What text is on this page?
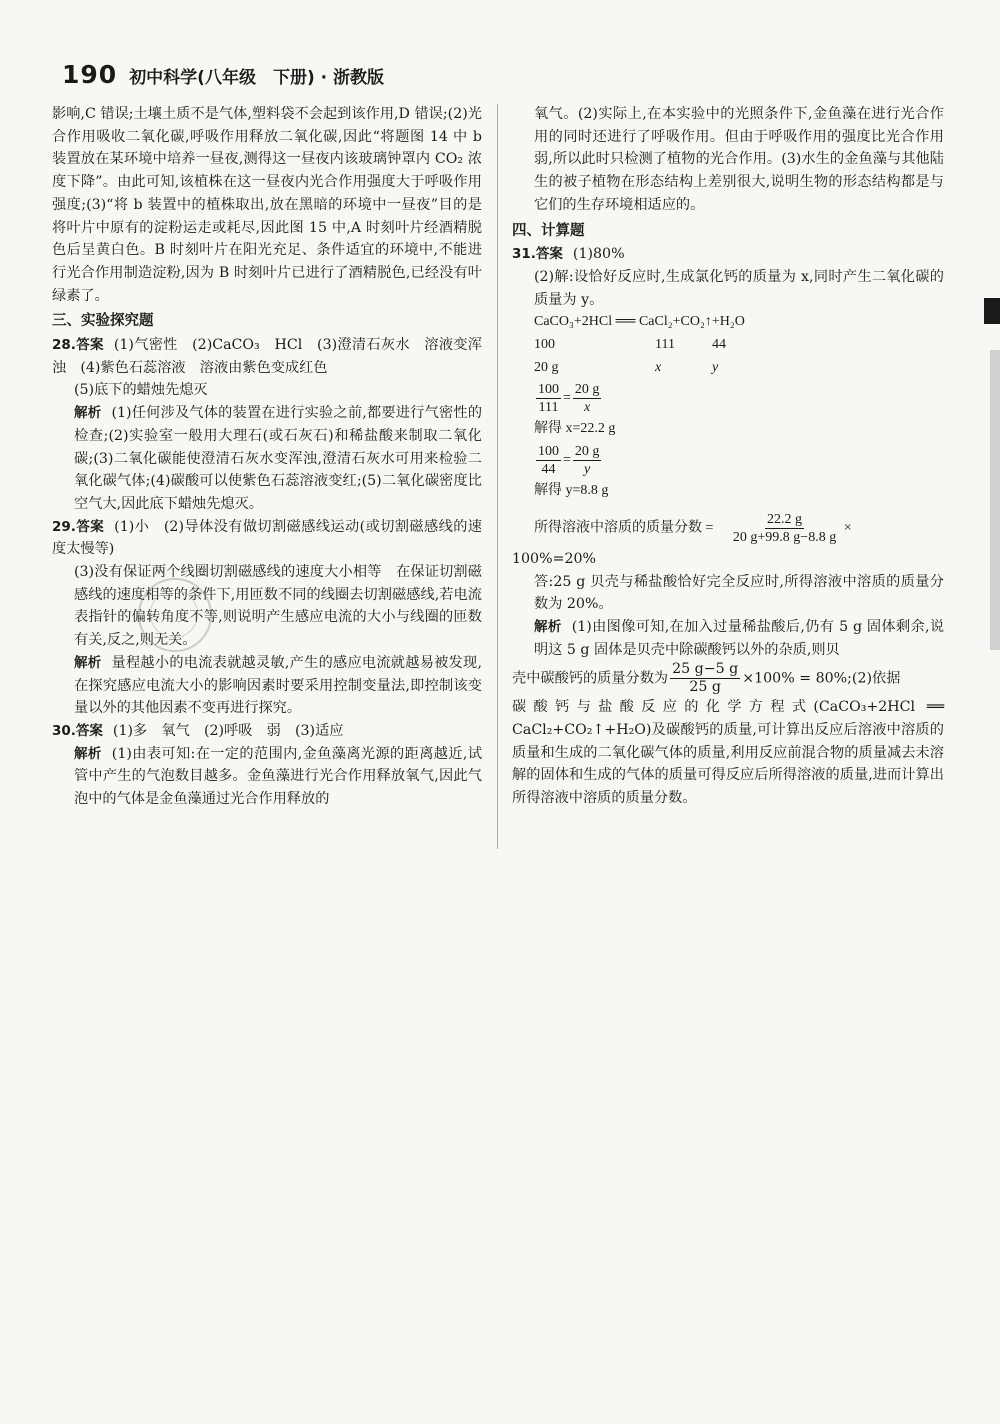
190 初中科学(八年级　下册) · 浙教版

影响,C 错误;土壤土质不是气体,塑料袋不会起到该作用,D 错误;(2)光合作用吸收二氧化碳,呼吸作用释放二氧化碳,因此“将题图 14 中 b 装置放在某环境中培养一昼夜,测得这一昼夜内该玻璃钟罩内 CO₂ 浓度下降”。由此可知,该植株在这一昼夜内光合作用强度大于呼吸作用强度;(3)“将 b 装置中的植株取出,放在黑暗的环境中一昼夜”目的是将叶片中原有的淀粉运走或耗尽,因此图 15 中,A 时刻叶片经酒精脱色后呈黄白色。B 时刻叶片在阳光充足、条件适宜的环境中,不能进行光合作用制造淀粉,因为 B 时刻叶片已进行了酒精脱色,已经没有叶绿素了。

三、实验探究题

28.答案 (1)气密性　(2)CaCO₃　HCl　(3)澄清石灰水　溶液变浑浊　(4)紫色石蕊溶液　溶液由紫色变成红色

(5)底下的蜡烛先熄灭

解析 (1)任何涉及气体的装置在进行实验之前,都要进行气密性的检查;(2)实验室一般用大理石(或石灰石)和稀盐酸来制取二氧化碳;(3)二氧化碳能使澄清石灰水变浑浊,澄清石灰水可用来检验二氧化碳气体;(4)碳酸可以使紫色石蕊溶液变红;(5)二氧化碳密度比空气大,因此底下蜡烛先熄灭。

29.答案 (1)小　(2)导体没有做切割磁感线运动(或切割磁感线的速度太慢等)

(3)没有保证两个线圈切割磁感线的速度大小相等　在保证切割磁感线的速度相等的条件下,用匝数不同的线圈去切割磁感线,若电流表指针的偏转角度不等,则说明产生感应电流的大小与线圈的匝数有关,反之,则无关。

解析 量程越小的电流表就越灵敏,产生的感应电流就越易被发现,在探究感应电流大小的影响因素时要采用控制变量法,即控制该变量以外的其他因素不变再进行探究。

30.答案 (1)多　氧气　(2)呼吸　弱　(3)适应

解析 (1)由表可知:在一定的范围内,金鱼藻离光源的距离越近,试管中产生的气泡数目越多。金鱼藻进行光合作用释放氧气,因此气泡中的气体是金鱼藻通过光合作用释放的

氧气。(2)实际上,在本实验中的光照条件下,金鱼藻在进行光合作用的同时还进行了呼吸作用。但由于呼吸作用的强度比光合作用弱,所以此时只检测了植物的光合作用。(3)水生的金鱼藻与其他陆生的被子植物在形态结构上差别很大,说明生物的形态结构都是与它们的生存环境相适应的。

四、计算题

31.答案 (1)80%

(2)解:设恰好反应时,生成氯化钙的质量为 x,同时产生二氧化碳的质量为 y。

CaCO₃+2HCl ══ CaCl₂+CO₂↑+H₂O
100	111	44
20 g	x	y
$\frac{100}{111} = \frac{20 g}{x}$
解得 x=22.2 g
$\frac{100}{44} = \frac{20 g}{y}$
解得 y=8.8 g
所得溶液中溶质的质量分数 = $\frac{22.2 g}{20 g+99.8 g-8.8 g}$ ×

100%=20%

答:25 g 贝壳与稀盐酸恰好完全反应时,所得溶液中溶质的质量分数为 20%。

解析 (1)由图像可知,在加入过量稀盐酸后,仍有 5 g 固体剩余,说明这 5 g 固体是贝壳中除碳酸钙以外的杂质,则贝

壳中碳酸钙的质量分数为 $\frac{25 g-5 g}{25 g} \times 100\%$ = 80%;(2)依据

碳酸钙与盐酸反应的化学方程式(CaCO₃+2HCl ══ CaCl₂+CO₂↑+H₂O)及碳酸钙的质量,可计算出反应后溶液中溶质的质量和生成的二氧化碳气体的质量,利用反应前混合物的质量减去未溶解的固体和生成的气体的质量可得反应后所得溶液的质量,进而计算出所得溶液中溶质的质量分数。
